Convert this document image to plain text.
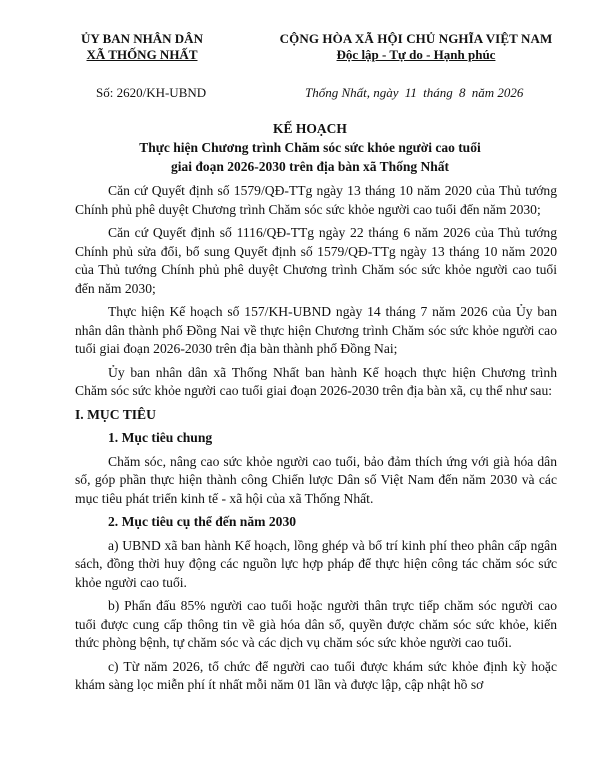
ỦY BAN NHÂN DÂN
XÃ THỐNG NHẤT
CỘNG HÒA XÃ HỘI CHỦ NGHĨA VIỆT NAM
Độc lập - Tự do - Hạnh phúc
Số: 2620/KH-UBND	Thống Nhất, ngày 11 tháng 8 năm 2026
KẾ HOẠCH
Thực hiện Chương trình Chăm sóc sức khỏe người cao tuổi
giai đoạn 2026-2030 trên địa bàn xã Thống Nhất

Căn cứ Quyết định số 1579/QĐ-TTg ngày 13 tháng 10 năm 2020 của Thủ tướng Chính phủ phê duyệt Chương trình Chăm sóc sức khỏe người cao tuổi đến năm 2030;

Căn cứ Quyết định số 1116/QĐ-TTg ngày 22 tháng 6 năm 2026 của Thủ tướng Chính phủ sửa đổi, bổ sung Quyết định số 1579/QĐ-TTg ngày 13 tháng 10 năm 2020 của Thủ tướng Chính phủ phê duyệt Chương trình Chăm sóc sức khỏe người cao tuổi đến năm 2030;

Thực hiện Kế hoạch số 157/KH-UBND ngày 14 tháng 7 năm 2026 của Ủy ban nhân dân thành phố Đồng Nai về thực hiện Chương trình Chăm sóc sức khỏe người cao tuổi giai đoạn 2026-2030 trên địa bàn thành phố Đồng Nai;

Ủy ban nhân dân xã Thống Nhất ban hành Kế hoạch thực hiện Chương trình Chăm sóc sức khỏe người cao tuổi giai đoạn 2026-2030 trên địa bàn xã, cụ thể như sau:

I. MỤC TIÊU
1. Mục tiêu chung

Chăm sóc, nâng cao sức khỏe người cao tuổi, bảo đảm thích ứng với già hóa dân số, góp phần thực hiện thành công Chiến lược Dân số Việt Nam đến năm 2030 và các mục tiêu phát triển kinh tế - xã hội của xã Thống Nhất.

2. Mục tiêu cụ thể đến năm 2030

a) UBND xã ban hành Kế hoạch, lồng ghép và bố trí kinh phí theo phân cấp ngân sách, đồng thời huy động các nguồn lực hợp pháp để thực hiện công tác chăm sóc sức khỏe người cao tuổi.

b) Phấn đấu 85% người cao tuổi hoặc người thân trực tiếp chăm sóc người cao tuổi được cung cấp thông tin về già hóa dân số, quyền được chăm sóc sức khỏe, kiến thức phòng bệnh, tự chăm sóc và các dịch vụ chăm sóc sức khỏe người cao tuổi.

c) Từ năm 2026, tổ chức để người cao tuổi được khám sức khỏe định kỳ hoặc khám sàng lọc miễn phí ít nhất mỗi năm 01 lần và được lập, cập nhật hồ sơ
